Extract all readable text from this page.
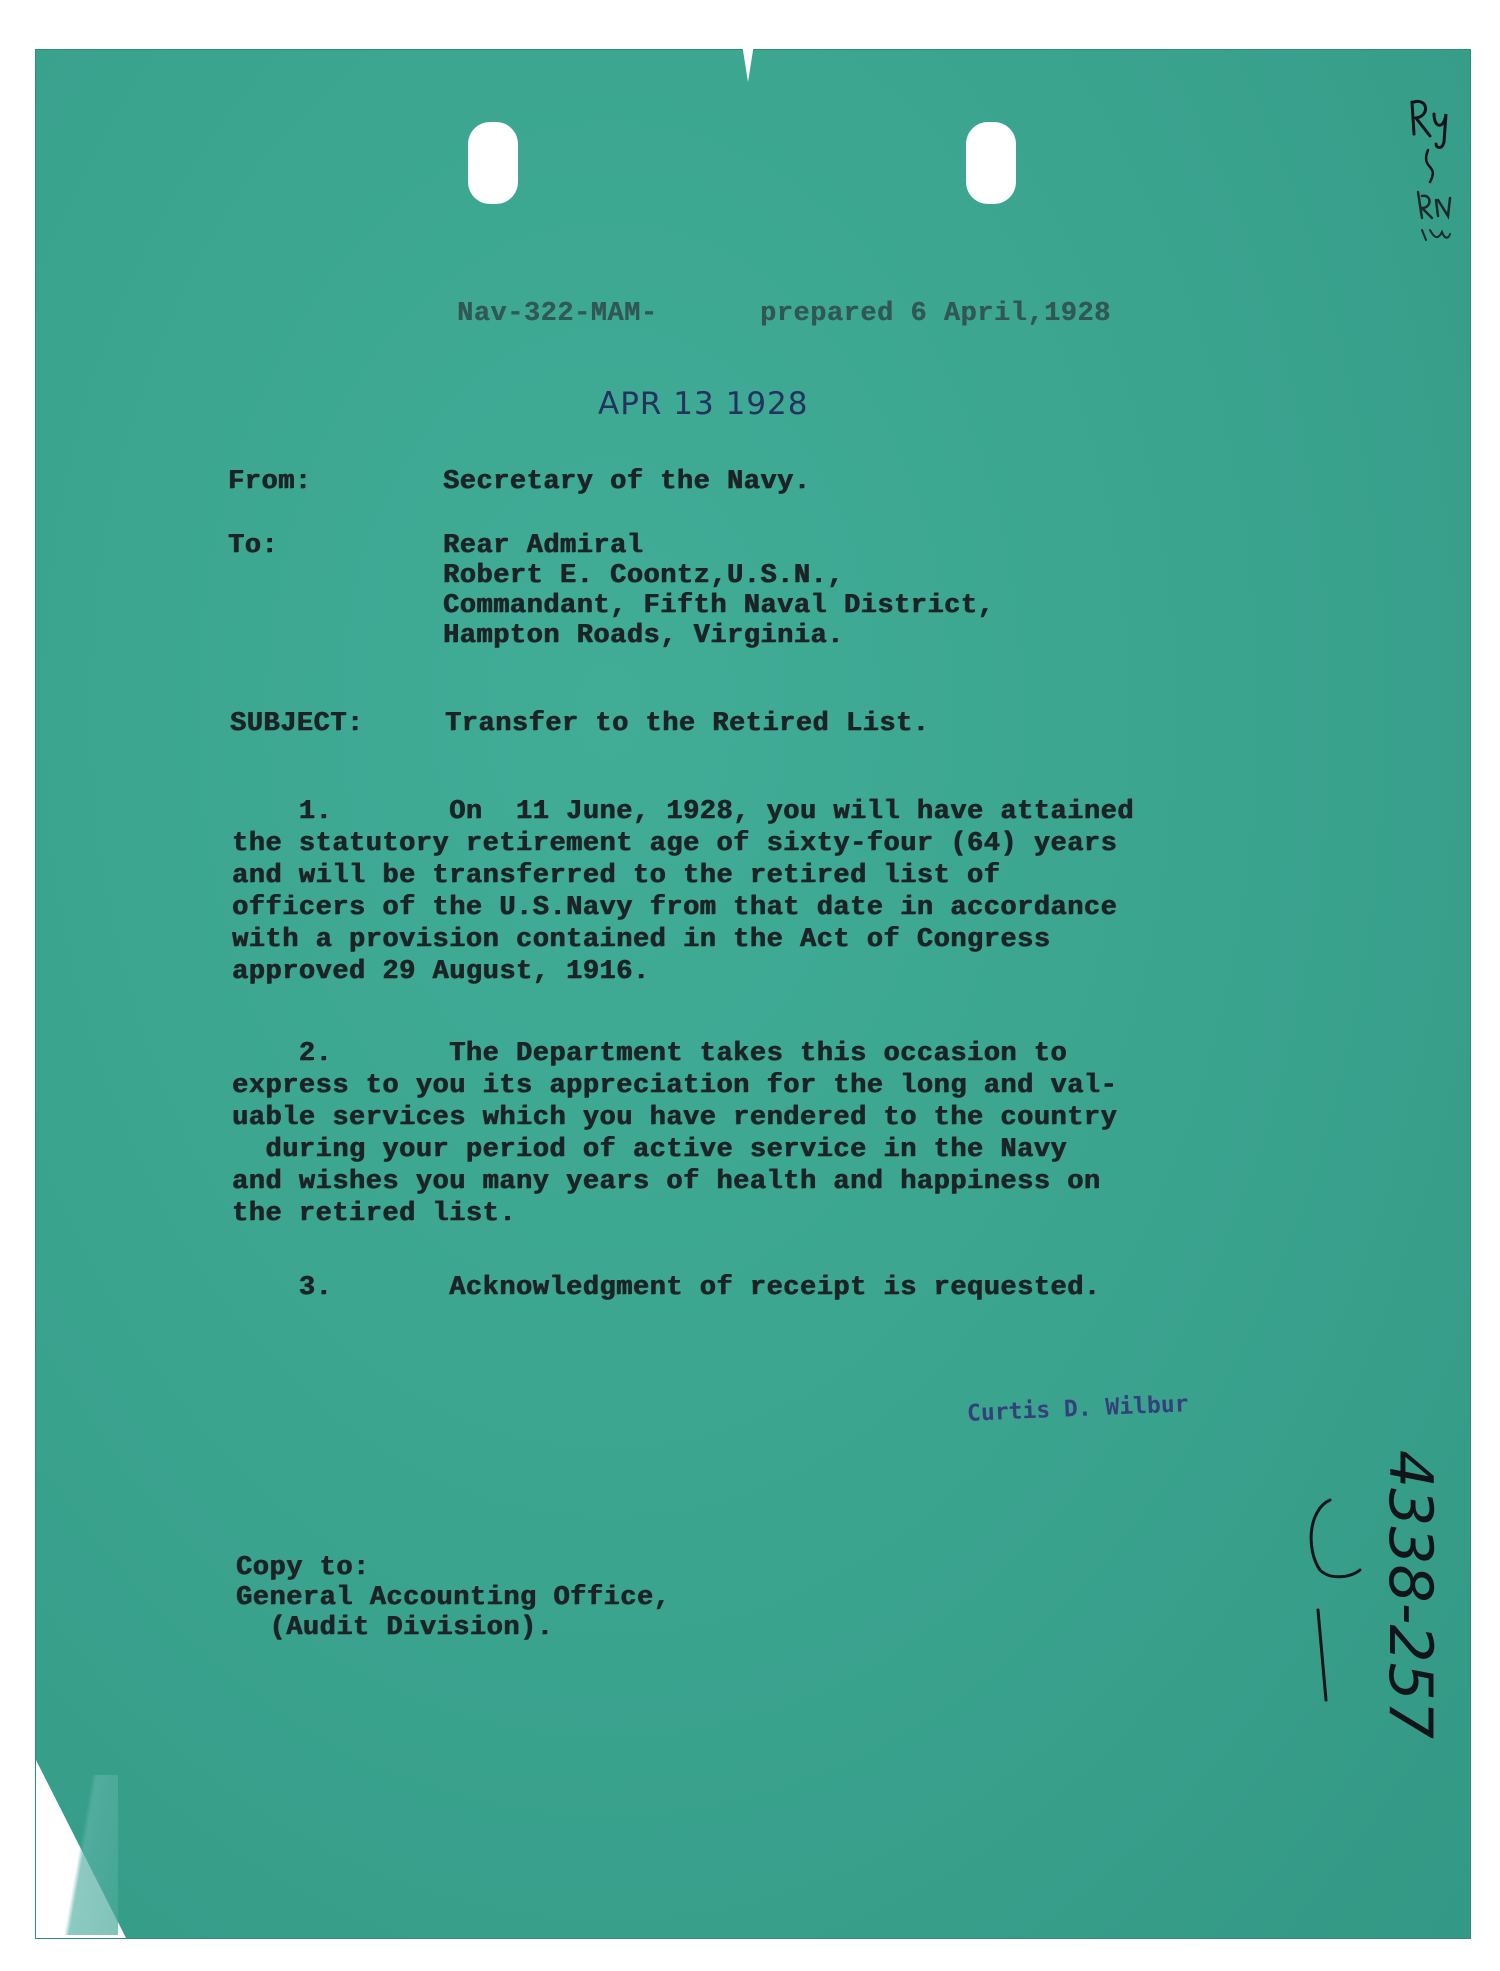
Nav-322-MAM-	prepared 6 April,1928
APR 13 1928
From:	Secretary of the Navy.
To:	Rear Admiral
Robert E. Coontz,U.S.N.,
Commandant, Fifth Naval District,
Hampton Roads, Virginia.
SUBJECT:	Transfer to the Retired List.
1.       On  11 June, 1928, you will have attained
the statutory retirement age of sixty-four (64) years
and will be transferred to the retired list of
officers of the U.S.Navy from that date in accordance
with a provision contained in the Act of Congress
approved 29 August, 1916.
2.       The Department takes this occasion to
express to you its appreciation for the long and val-
uable services which you have rendered to the country
during your period of active service in the Navy
and wishes you many years of health and happiness on
the retired list.
3.       Acknowledgment of receipt is requested.
Curtis D. Wilbur
Copy to:
General Accounting Office,
(Audit Division).	4338-257
